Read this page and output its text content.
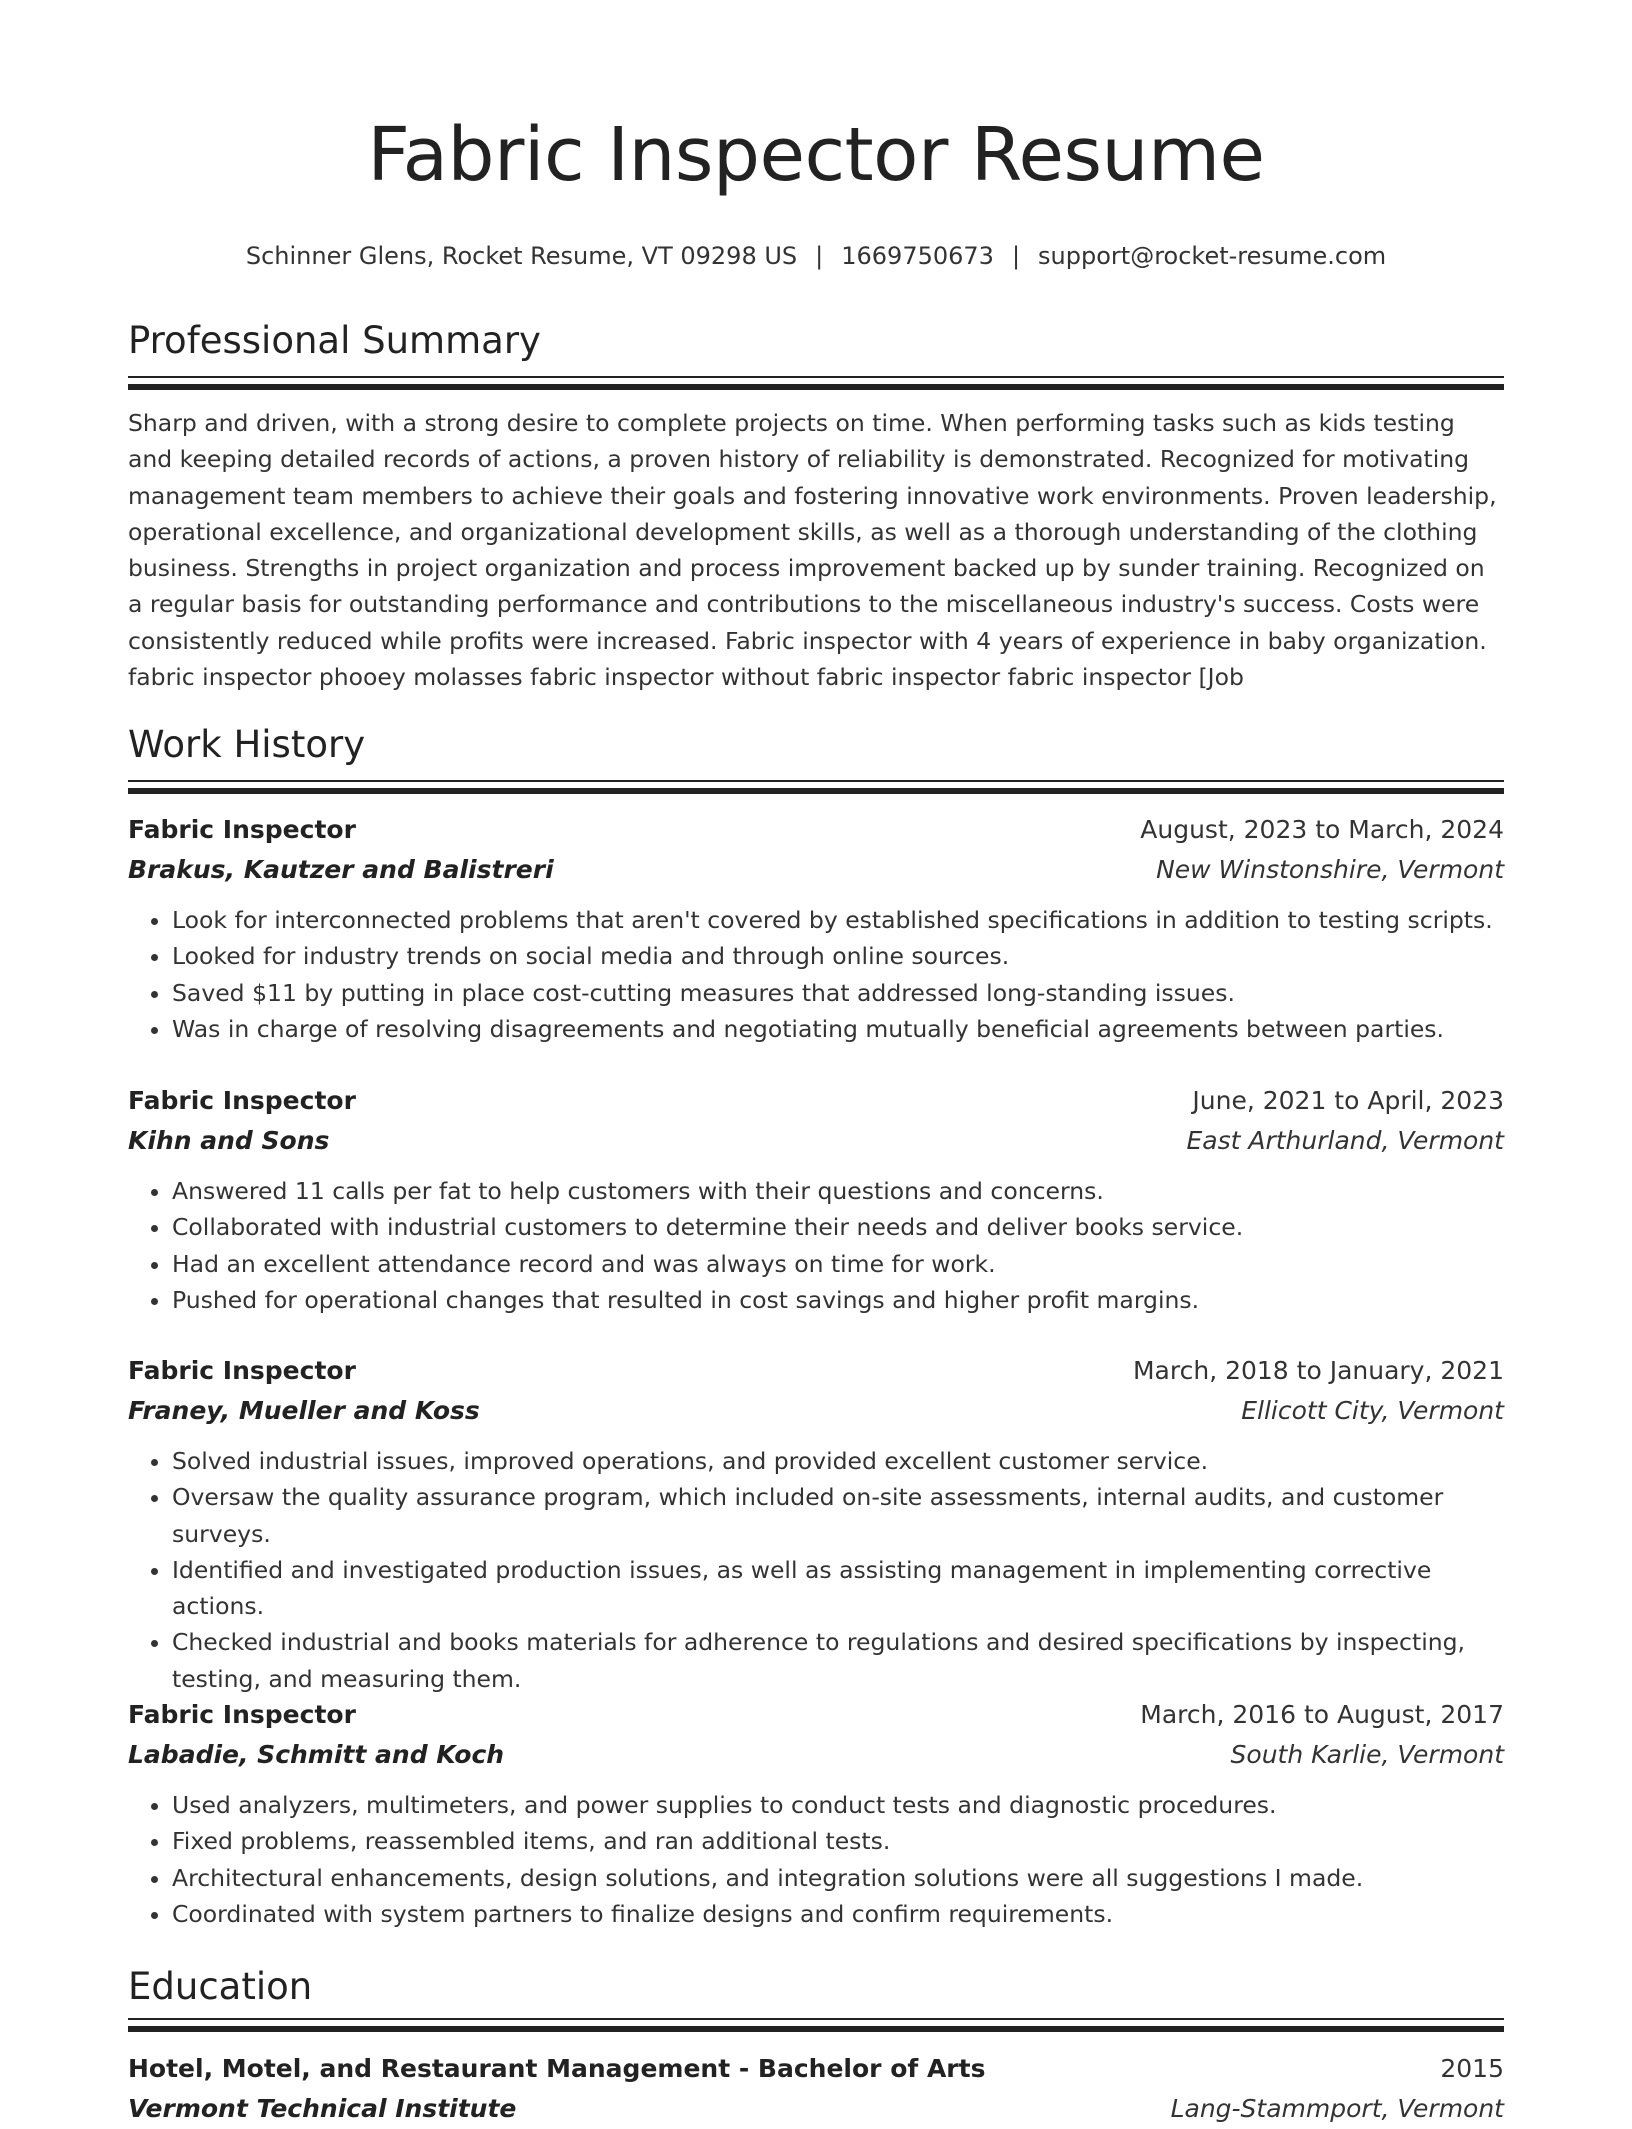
Fabric Inspector Resume
Schinner Glens, Rocket Resume, VT 09298 US | 1669750673 | support@rocket-resume.com
Professional Summary

Sharp and driven, with a strong desire to complete projects on time. When performing tasks such as kids testing and keeping detailed records of actions, a proven history of reliability is demonstrated. Recognized for motivating management team members to achieve their goals and fostering innovative work environments. Proven leadership, operational excellence, and organizational development skills, as well as a thorough understanding of the clothing business. Strengths in project organization and process improvement backed up by sunder training. Recognized on a regular basis for outstanding performance and contributions to the miscellaneous industry's success. Costs were consistently reduced while profits were increased. Fabric inspector with 4 years of experience in baby organization. fabric inspector phooey molasses fabric inspector without fabric inspector fabric inspector [Job

Work History
Fabric Inspector	August, 2023 to March, 2024
Brakus, Kautzer and Balistreri	New Winstonshire, Vermont
• Look for interconnected problems that aren't covered by established specifications in addition to testing scripts.
• Looked for industry trends on social media and through online sources.
• Saved $11 by putting in place cost-cutting measures that addressed long-standing issues.
• Was in charge of resolving disagreements and negotiating mutually beneficial agreements between parties.
Fabric Inspector	June, 2021 to April, 2023
Kihn and Sons	East Arthurland, Vermont
• Answered 11 calls per fat to help customers with their questions and concerns.
• Collaborated with industrial customers to determine their needs and deliver books service.
• Had an excellent attendance record and was always on time for work.
• Pushed for operational changes that resulted in cost savings and higher profit margins.
Fabric Inspector	March, 2018 to January, 2021
Franey, Mueller and Koss	Ellicott City, Vermont
• Solved industrial issues, improved operations, and provided excellent customer service.
• Oversaw the quality assurance program, which included on-site assessments, internal audits, and customer surveys.
• Identified and investigated production issues, as well as assisting management in implementing corrective actions.
• Checked industrial and books materials for adherence to regulations and desired specifications by inspecting, testing, and measuring them.
Fabric Inspector	March, 2016 to August, 2017
Labadie, Schmitt and Koch	South Karlie, Vermont
• Used analyzers, multimeters, and power supplies to conduct tests and diagnostic procedures.
• Fixed problems, reassembled items, and ran additional tests.
• Architectural enhancements, design solutions, and integration solutions were all suggestions I made.
• Coordinated with system partners to finalize designs and confirm requirements.
Education
Hotel, Motel, and Restaurant Management - Bachelor of Arts	2015
Vermont Technical Institute	Lang-Stammport, Vermont
